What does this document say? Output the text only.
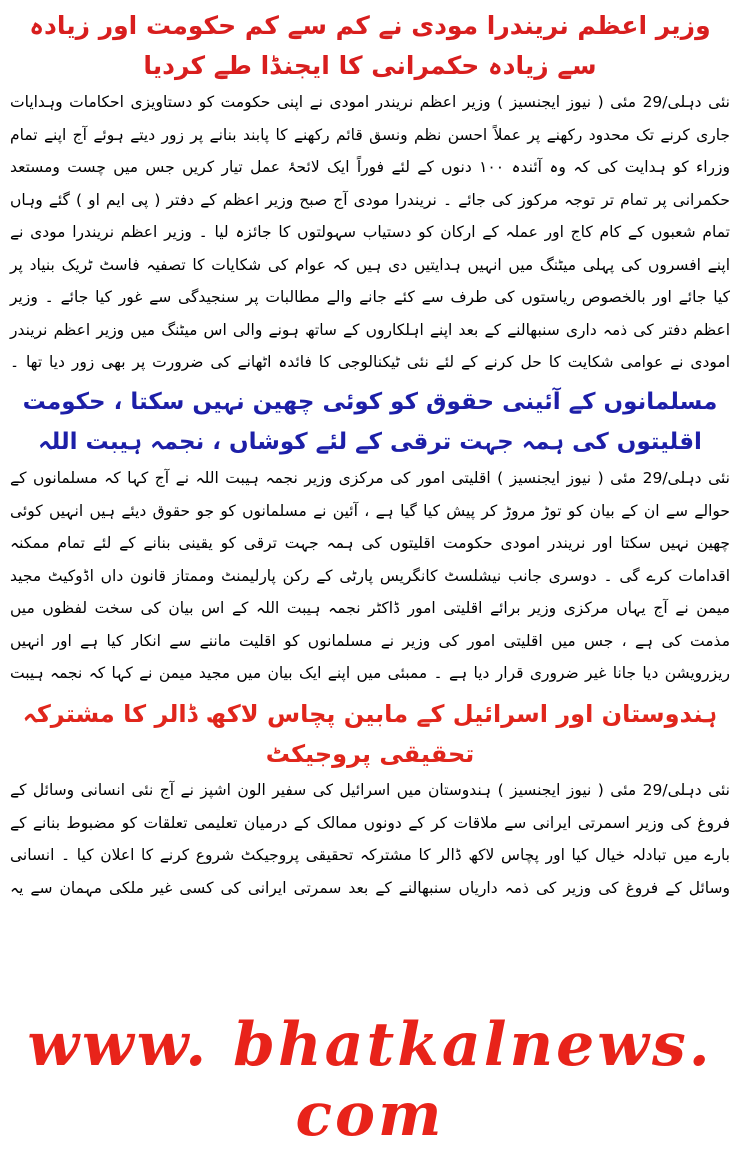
وزیر اعظم نریندرا مودی نے کم سے کم حکومت اور زیادہ سے زیادہ حکمرانی کا ایجنڈا طے کردیا

نئی دہلی/29 مئی ( نیوز ایجنسیز ) وزیر اعظم نریندر امودی نے اپنی حکومت کو دستاویزی احکامات وہدایات جاری کرنے تک محدود رکھنے پر عملاً احسن نظم ونسق قائم رکھنے کا پابند بنانے پر زور دیتے ہوئے آج اپنے تمام وزراء کو ہدایت کی کہ وہ آئندہ ۱۰۰ دنوں کے لئے فوراً ایک لائحۂ عمل تیار کریں جس میں چست ومستعد حکمرانی پر تمام تر توجہ مرکوز کی جائے ۔ نریندرا مودی آج صبح وزیر اعظم کے دفتر ( پی ایم او ) گئے وہاں تمام شعبوں کے کام کاج اور عملہ کے ارکان کو دستیاب سہولتوں کا جائزہ لیا ۔ وزیر اعظم نریندرا مودی نے اپنے افسروں کی پہلی میٹنگ میں انہیں ہدایتیں دی ہیں کہ عوام کی شکایات کا تصفیہ فاسٹ ٹریک بنیاد پر کیا جائے اور بالخصوص ریاستوں کی طرف سے کئے جانے والے مطالبات پر سنجیدگی سے غور کیا جائے ۔ وزیر اعظم دفتر کی ذمہ داری سنبھالنے کے بعد اپنے اہلکاروں کے ساتھ ہونے والی اس میٹنگ میں وزیر اعظم نریندر امودی نے عوامی شکایت کا حل کرنے کے لئے نئی ٹیکنالوجی کا فائدہ اٹھانے کی ضرورت پر بھی زور دیا تھا ۔

مسلمانوں کے آئینی حقوق کو کوئی چھین نہیں سکتا ، حکومت اقلیتوں کی ہمہ جہت ترقی کے لئے کوشاں ، نجمہ ہیبت اللہ

نئی دہلی/29 مئی ( نیوز ایجنسیز ) اقلیتی امور کی مرکزی وزیر نجمہ ہیبت اللہ نے آج کہا کہ مسلمانوں کے حوالے سے ان کے بیان کو توڑ مروڑ کر پیش کیا گیا ہے ، آئین نے مسلمانوں کو جو حقوق دیئے ہیں انہیں کوئی چھین نہیں سکتا اور نریندر امودی حکومت اقلیتوں کی ہمہ جہت ترقی کو یقینی بنانے کے لئے تمام ممکنہ اقدامات کرے گی ۔ دوسری جانب نیشلسٹ کانگریس پارٹی کے رکن پارلیمنٹ وممتاز قانون داں اڈوکیٹ مجید میمن نے آج یہاں مرکزی وزیر برائے اقلیتی امور ڈاکٹر نجمہ ہیبت اللہ کے اس بیان کی سخت لفظوں میں مذمت کی ہے ، جس میں اقلیتی امور کی وزیر نے مسلمانوں کو اقلیت ماننے سے انکار کیا ہے اور انہیں ریزرویشن دیا جانا غیر ضروری قرار دیا ہے ۔ ممبئی میں اپنے ایک بیان میں مجید میمن نے کہا کہ نجمہ ہیبت

ہندوستان اور اسرائیل کے مابین پچاس لاکھ ڈالر کا مشترکہ تحقیقی پروجیکٹ

نئی دہلی/29 مئی ( نیوز ایجنسیز ) ہندوستان میں اسرائیل کی سفیر الون اشپز نے آج نئی انسانی وسائل کے فروغ کی وزیر اسمرتی ایرانی سے ملاقات کر کے دونوں ممالک کے درمیان تعلیمی تعلقات کو مضبوط بنانے کے بارے میں تبادلہ خیال کیا اور پچاس لاکھ ڈالر کا مشترکہ تحقیقی پروجیکٹ شروع کرنے کا اعلان کیا ۔ انسانی وسائل کے فروغ کی وزیر کی ذمہ داریاں سنبھالنے کے بعد سمرتی ایرانی کی کسی غیر ملکی مہمان سے یہ

www. bhatkalnews. com
